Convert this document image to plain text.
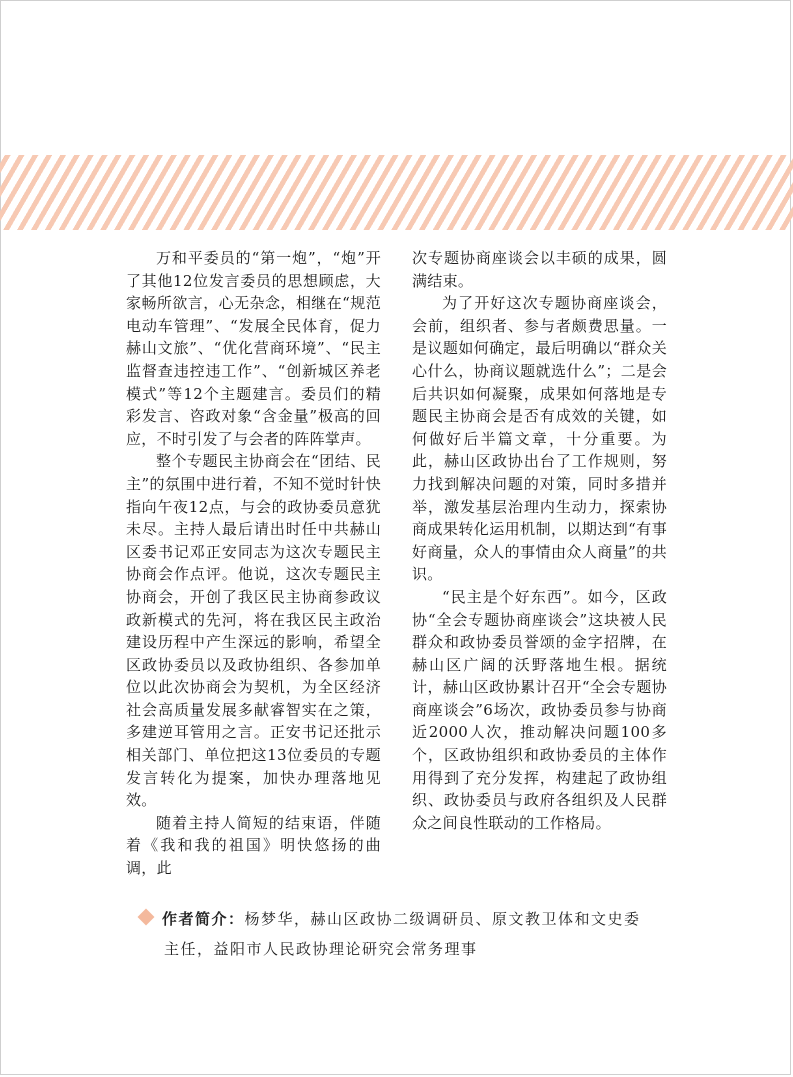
万和平委员的“第一炮”，“炮”开了其他12位发言委员的思想顾虑，大家畅所欲言，心无杂念，相继在“规范电动车管理”、“发展全民体育，促力赫山文旅”、“优化营商环境”、“民主监督查违控违工作”、“创新城区养老模式”等12个主题建言。委员们的精彩发言、咨政对象“含金量”极高的回应，不时引发了与会者的阵阵掌声。

整个专题民主协商会在“团结、民主”的氛围中进行着，不知不觉时针快指向午夜12点，与会的政协委员意犹未尽。主持人最后请出时任中共赫山区委书记邓正安同志为这次专题民主协商会作点评。他说，这次专题民主协商会，开创了我区民主协商参政议政新模式的先河，将在我区民主政治建设历程中产生深远的影响，希望全区政协委员以及政协组织、各参加单位以此次协商会为契机，为全区经济社会高质量发展多献睿智实在之策，多建逆耳管用之言。正安书记还批示相关部门、单位把这13位委员的专题发言转化为提案，加快办理落地见效。

随着主持人简短的结束语，伴随着《我和我的祖国》明快悠扬的曲调，此

次专题协商座谈会以丰硕的成果，圆满结束。

为了开好这次专题协商座谈会，会前，组织者、参与者颇费思量。一是议题如何确定，最后明确以“群众关心什么，协商议题就选什么”；二是会后共识如何凝聚，成果如何落地是专题民主协商会是否有成效的关键，如何做好后半篇文章，十分重要。为此，赫山区政协出台了工作规则，努力找到解决问题的对策，同时多措并举，激发基层治理内生动力，探索协商成果转化运用机制，以期达到“有事好商量，众人的事情由众人商量”的共识。

“民主是个好东西”。如今，区政协“全会专题协商座谈会”这块被人民群众和政协委员誉颂的金字招牌，在赫山区广阔的沃野落地生根。据统计，赫山区政协累计召开“全会专题协商座谈会”6场次，政协委员参与协商近2000人次，推动解决问题100多个，区政协组织和政协委员的主体作用得到了充分发挥，构建起了政协组织、政协委员与政府各组织及人民群众之间良性联动的工作格局。

作者简介：杨梦华，赫山区政协二级调研员、原文教卫体和文史委
主任，益阳市人民政协理论研究会常务理事
